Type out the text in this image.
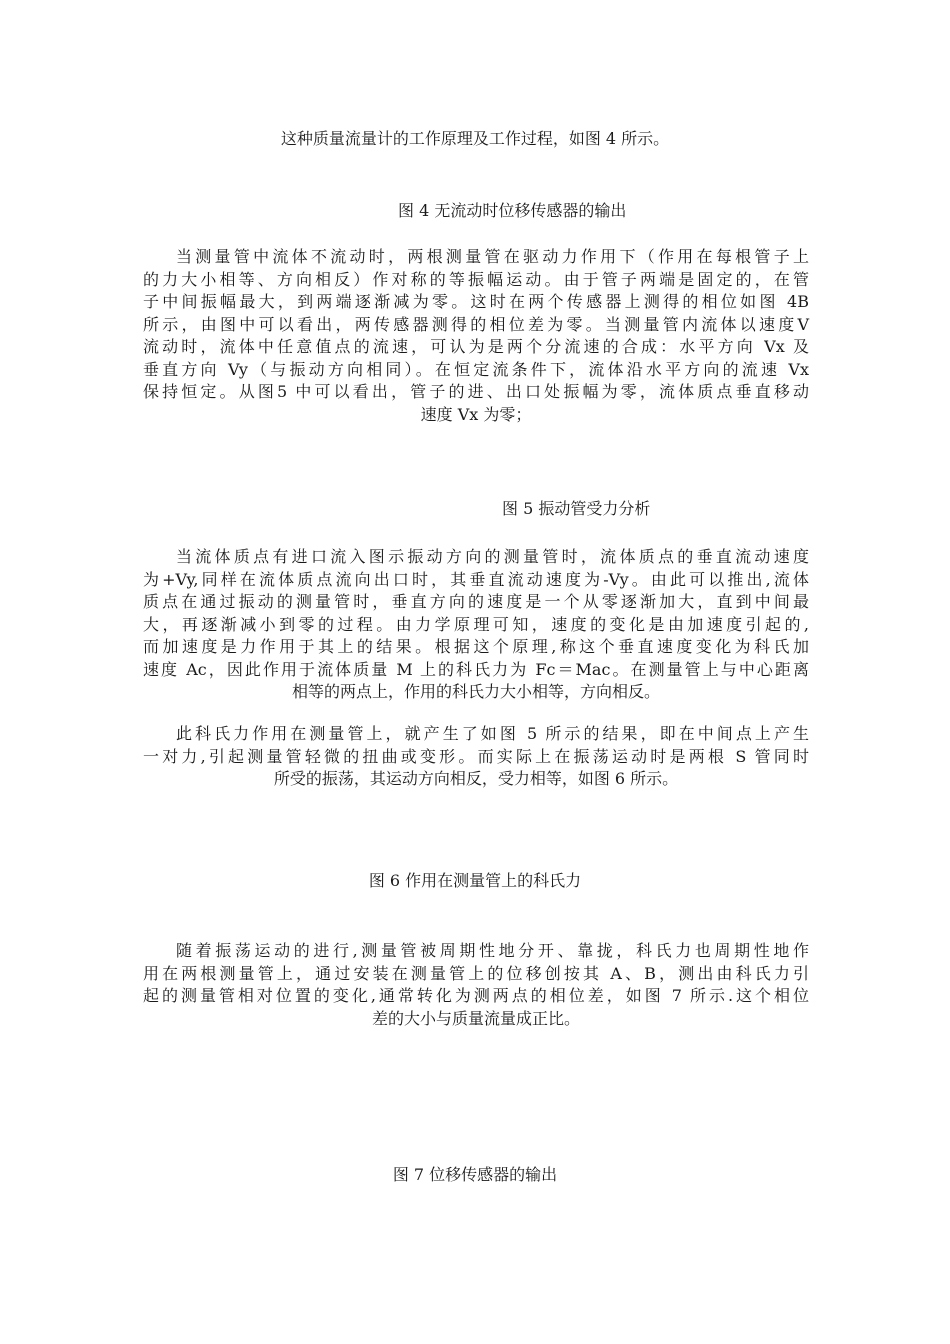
这种质量流量计的工作原理及工作过程，如图 4 所示。
图 4 无流动时位移传感器的输出
当测量管中流体不流动时，两根测量管在驱动力作用下（作用在每根管子上
的力大小相等、方向相反）作对称的等振幅运动。由于管子两端是固定的，在管
子中间振幅最大，到两端逐渐减为零。这时在两个传感器上测得的相位如图 4B
所示，由图中可以看出，两传感器测得的相位差为零。当测量管内流体以速度V
流动时，流体中任意值点的流速，可认为是两个分流速的合成：水平方向 Vx 及
垂直方向 Vy（与振动方向相同）。在恒定流条件下，流体沿水平方向的流速 Vx
保持恒定。从图5 中可以看出，管子的进、出口处振幅为零，流体质点垂直移动
速度 Vx 为零；
图 5 振动管受力分析
当流体质点有进口流入图示振动方向的测量管时，流体质点的垂直流动速度
为+Vy,同样在流体质点流向出口时，其垂直流动速度为-Vy。由此可以推出,流体
质点在通过振动的测量管时，垂直方向的速度是一个从零逐渐加大，直到中间最
大，再逐渐减小到零的过程。由力学原理可知，速度的变化是由加速度引起的,
而加速度是力作用于其上的结果。根据这个原理,称这个垂直速度变化为科氏加
速度 Ac，因此作用于流体质量 M 上的科氏力为 Fc＝Mac。在测量管上与中心距离
相等的两点上，作用的科氏力大小相等，方向相反。
此科氏力作用在测量管上，就产生了如图 5 所示的结果，即在中间点上产生
一对力,引起测量管轻微的扭曲或变形。而实际上在振荡运动时是两根 S 管同时
所受的振荡，其运动方向相反，受力相等，如图 6 所示。
图 6 作用在测量管上的科氏力
随着振荡运动的进行,测量管被周期性地分开、靠拢，科氏力也周期性地作
用在两根测量管上，通过安装在测量管上的位移创按其 A、B，测出由科氏力引
起的测量管相对位置的变化,通常转化为测两点的相位差，如图 7 所示.这个相位
差的大小与质量流量成正比。
图 7 位移传感器的输出
